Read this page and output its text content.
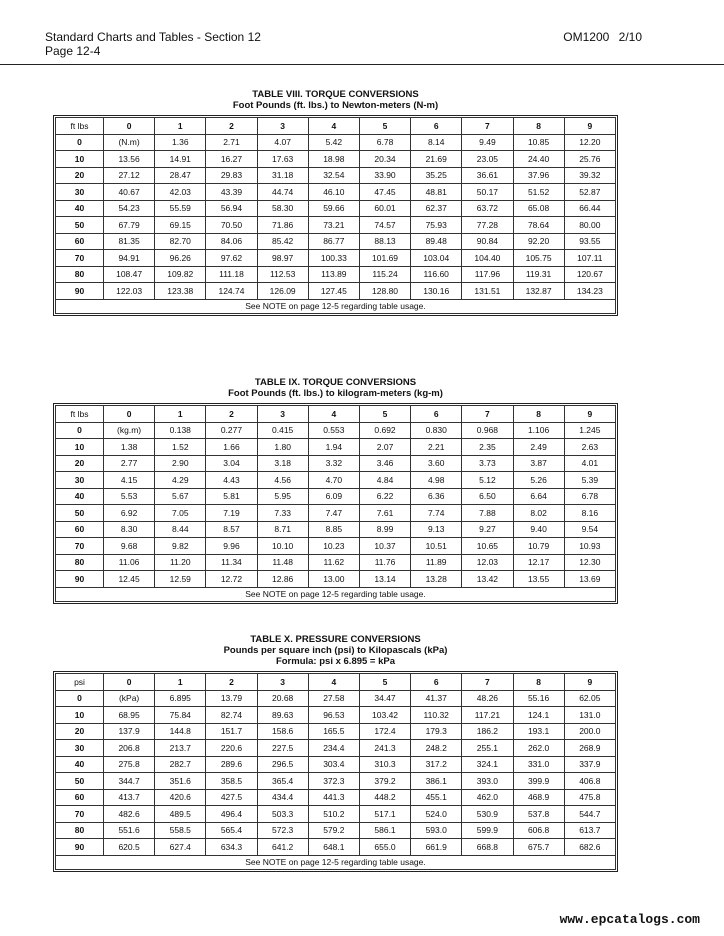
Standard Charts and Tables - Section 12
Page 12-4
OM1200 2/10
TABLE VIII. TORQUE CONVERSIONS
Foot Pounds (ft. lbs.) to Newton-meters (N-m)
ft lbs	0	1	2	3	4	5	6	7	8	9
0	(N.m)	1.36	2.71	4.07	5.42	6.78	8.14	9.49	10.85	12.20
10	13.56	14.91	16.27	17.63	18.98	20.34	21.69	23.05	24.40	25.76
20	27.12	28.47	29.83	31.18	32.54	33.90	35.25	36.61	37.96	39.32
30	40.67	42.03	43.39	44.74	46.10	47.45	48.81	50.17	51.52	52.87
40	54.23	55.59	56.94	58.30	59.66	60.01	62.37	63.72	65.08	66.44
50	67.79	69.15	70.50	71.86	73.21	74.57	75.93	77.28	78.64	80.00
60	81.35	82.70	84.06	85.42	86.77	88.13	89.48	90.84	92.20	93.55
70	94.91	96.26	97.62	98.97	100.33	101.69	103.04	104.40	105.75	107.11
80	108.47	109.82	111.18	112.53	113.89	115.24	116.60	117.96	119.31	120.67
90	122.03	123.38	124.74	126.09	127.45	128.80	130.16	131.51	132.87	134.23
See NOTE on page 12-5 regarding table usage.										
TABLE IX. TORQUE CONVERSIONS
Foot Pounds (ft. lbs.) to kilogram-meters (kg-m)
ft lbs	0	1	2	3	4	5	6	7	8	9
0	(kg.m)	0.138	0.277	0.415	0.553	0.692	0.830	0.968	1.106	1.245
10	1.38	1.52	1.66	1.80	1.94	2.07	2.21	2.35	2.49	2.63
20	2.77	2.90	3.04	3.18	3.32	3.46	3.60	3.73	3.87	4.01
30	4.15	4.29	4.43	4.56	4.70	4.84	4.98	5.12	5.26	5.39
40	5.53	5.67	5.81	5.95	6.09	6.22	6.36	6.50	6.64	6.78
50	6.92	7.05	7.19	7.33	7.47	7.61	7.74	7.88	8.02	8.16
60	8.30	8.44	8.57	8.71	8.85	8.99	9.13	9.27	9.40	9.54
70	9.68	9.82	9.96	10.10	10.23	10.37	10.51	10.65	10.79	10.93
80	11.06	11.20	11.34	11.48	11.62	11.76	11.89	12.03	12.17	12.30
90	12.45	12.59	12.72	12.86	13.00	13.14	13.28	13.42	13.55	13.69
See NOTE on page 12-5 regarding table usage.										
TABLE X. PRESSURE CONVERSIONS
Pounds per square inch (psi) to Kilopascals (kPa)
Formula: psi x 6.895 = kPa
psi	0	1	2	3	4	5	6	7	8	9
0	(kPa)	6.895	13.79	20.68	27.58	34.47	41.37	48.26	55.16	62.05
10	68.95	75.84	82.74	89.63	96.53	103.42	110.32	117.21	124.1	131.0
20	137.9	144.8	151.7	158.6	165.5	172.4	179.3	186.2	193.1	200.0
30	206.8	213.7	220.6	227.5	234.4	241.3	248.2	255.1	262.0	268.9
40	275.8	282.7	289.6	296.5	303.4	310.3	317.2	324.1	331.0	337.9
50	344.7	351.6	358.5	365.4	372.3	379.2	386.1	393.0	399.9	406.8
60	413.7	420.6	427.5	434.4	441.3	448.2	455.1	462.0	468.9	475.8
70	482.6	489.5	496.4	503.3	510.2	517.1	524.0	530.9	537.8	544.7
80	551.6	558.5	565.4	572.3	579.2	586.1	593.0	599.9	606.8	613.7
90	620.5	627.4	634.3	641.2	648.1	655.0	661.9	668.8	675.7	682.6
See NOTE on page 12-5 regarding table usage.										
www.epcatalogs.com
